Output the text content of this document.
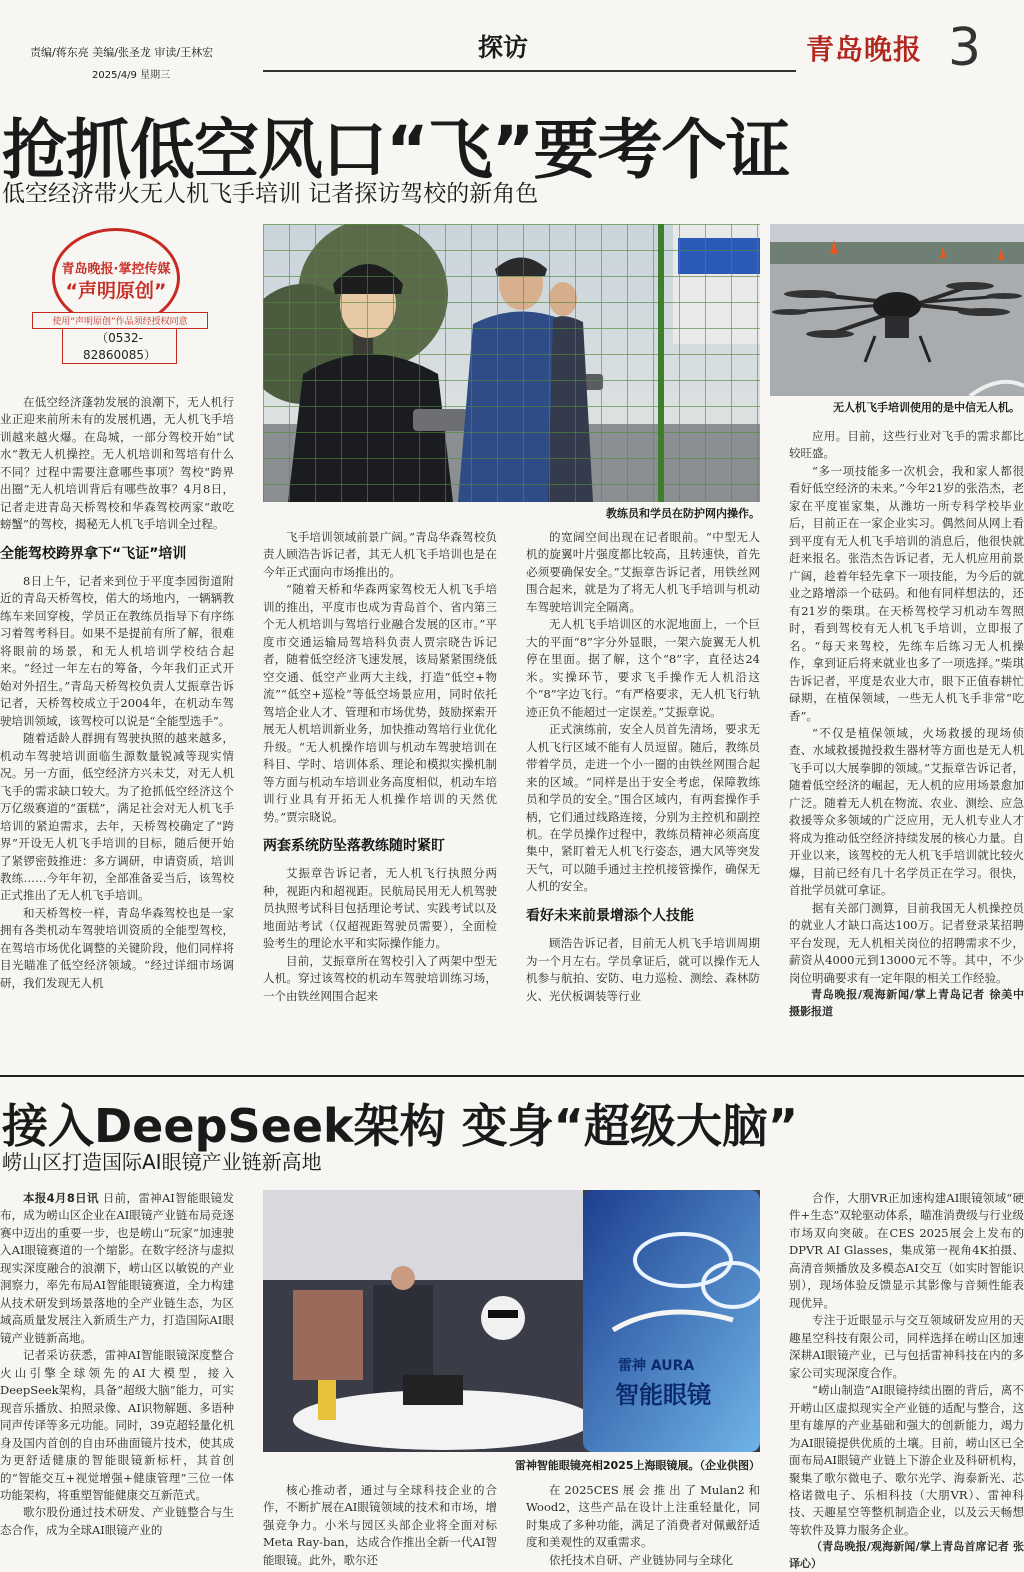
责编/蒋东亮 美编/张圣龙 审读/王林宏
2025/4/9 星期三
探访	青岛晚报 3
抢抓低空风口“飞”要考个证
低空经济带火无人机飞手培训 记者探访驾校的新角色
青岛晚报·掌控传媒
“声明原创”
使用“声明原创”作品须经授权同意
（0532-82860085）

在低空经济蓬勃发展的浪潮下，无人机行业正迎来前所未有的发展机遇，无人机飞手培训越来越火爆。在岛城，一部分驾校开始“试水”教无人机操控。无人机培训和驾培有什么不同？过程中需要注意哪些事项？驾校“跨界出圈”无人机培训背后有哪些故事？4月8日，记者走进青岛天桥驾校和华森驾校两家“敢吃螃蟹”的驾校，揭秘无人机飞手培训全过程。

全能驾校跨界拿下“飞证”培训

8日上午，记者来到位于平度李园街道附近的青岛天桥驾校，偌大的场地内，一辆辆教练车来回穿梭，学员正在教练员指导下有序练习着驾考科目。如果不是提前有所了解，很难将眼前的场景，和无人机培训学校结合起来。“经过一年左右的筹备，今年我们正式开始对外招生。”青岛天桥驾校负责人艾振章告诉记者，天桥驾校成立于2004年，在机动车驾驶培训领域，该驾校可以说是“全能型选手”。

随着适龄人群拥有驾驶执照的越来越多，机动车驾驶培训面临生源数量锐减等现实情况。另一方面，低空经济方兴未艾，对无人机飞手的需求缺口较大。为了抢抓低空经济这个万亿级赛道的“蛋糕”，满足社会对无人机飞手培训的紧迫需求，去年，天桥驾校确定了“跨界”开设无人机飞手培训的目标，随后便开始了紧锣密鼓推进：多方调研，申请资质，培训教练……今年年初，全部准备妥当后，该驾校正式推出了无人机飞手培训。

和天桥驾校一样，青岛华森驾校也是一家拥有各类机动车驾驶培训资质的全能型驾校，在驾培市场优化调整的关键阶段，他们同样将目光瞄准了低空经济领域。“经过详细市场调研，我们发现无人机

教练员和学员在防护网内操作。
无人机飞手培训使用的是中信无人机。

飞手培训领域前景广阔。”青岛华森驾校负责人顾浩告诉记者，其无人机飞手培训也是在今年正式面向市场推出的。

“随着天桥和华森两家驾校无人机飞手培训的推出，平度市也成为青岛首个、省内第三个无人机培训与驾培行业融合发展的区市。”平度市交通运输局驾培科负责人贾宗晓告诉记者，随着低空经济飞速发展，该局紧紧围绕低空交通、低空产业两大主线，打造“低空+物流”“低空+巡检”等低空场景应用，同时依托驾培企业人才、管理和市场优势，鼓励探索开展无人机培训新业务，加快推动驾培行业优化升级。“无人机操作培训与机动车驾驶培训在科目、学时、培训体系、理论和模拟实操机制等方面与机动车培训业务高度相似，机动车培训行业具有开拓无人机操作培训的天然优势。”贾宗晓说。

两套系统防坠落教练随时紧盯

艾振章告诉记者，无人机飞行执照分两种，视距内和超视距。民航局民用无人机驾驶员执照考试科目包括理论考试、实践考试以及地面站考试（仅超视距驾驶员需要），全面检验考生的理论水平和实际操作能力。

目前，艾振章所在驾校引入了两架中型无人机。穿过该驾校的机动车驾驶培训练习场，一个由铁丝网围合起来

的宽阔空间出现在记者眼前。“中型无人机的旋翼叶片强度都比较高，且转速快，首先必须要确保安全。”艾振章告诉记者，用铁丝网围合起来，就是为了将无人机飞手培训与机动车驾驶培训完全隔离。

无人机飞手培训区的水泥地面上，一个巨大的平面“8”字分外显眼，一架六旋翼无人机停在里面。据了解，这个“8”字，直径达24米。实操环节，要求飞手操作无人机沿这个“8”字边飞行。“有严格要求，无人机飞行轨迹正负不能超过一定误差。”艾振章说。

正式演练前，安全人员首先清场，要求无人机飞行区域不能有人员逗留。随后，教练员带着学员，走进一个小一圈的由铁丝网围合起来的区域。“同样是出于安全考虑，保障教练员和学员的安全。”围合区域内，有两套操作手柄，它们通过线路连接，分别为主控机和副控机。在学员操作过程中，教练员精神必须高度集中，紧盯着无人机飞行姿态，遇大风等突发天气，可以随手通过主控机接管操作，确保无人机的安全。

看好未来前景增添个人技能

顾浩告诉记者，目前无人机飞手培训周期为一个月左右。学员拿证后，就可以操作无人机参与航拍、安防、电力巡检、测绘、森林防火、光伏板调装等行业

应用。目前，这些行业对飞手的需求都比较旺盛。

“多一项技能多一次机会，我和家人都很看好低空经济的未来。”今年21岁的张浩杰，老家在平度崔家集，从潍坊一所专科学校毕业后，目前正在一家企业实习。偶然间从网上看到平度有无人机飞手培训的消息后，他很快就赶来报名。张浩杰告诉记者，无人机应用前景广阔，趁着年轻先拿下一项技能，为今后的就业之路增添一个砝码。和他有同样想法的，还有21岁的柴琪。在天桥驾校学习机动车驾照时，看到驾校有无人机飞手培训，立即报了名。“每天来驾校，先练车后练习无人机操作，拿到证后将来就业也多了一项选择。”柴琪告诉记者，平度是农业大市，眼下正值春耕忙碌期，在植保领域，一些无人机飞手非常“吃香”。

“不仅是植保领域，火场救援的现场侦查、水域救援抛投救生器材等方面也是无人机飞手可以大展拳脚的领域。”艾振章告诉记者，随着低空经济的崛起，无人机的应用场景愈加广泛。随着无人机在物流、农业、测绘、应急救援等众多领域的广泛应用，无人机专业人才将成为推动低空经济持续发展的核心力量。自开业以来，该驾校的无人机飞手培训就比较火爆，目前已经有几十名学员正在学习。很快，首批学员就可拿证。

据有关部门测算，目前我国无人机操控员的就业人才缺口高达100万。记者登录某招聘平台发现，无人机相关岗位的招聘需求不少，薪资从4000元到13000元不等。其中，不少岗位明确要求有一定年限的相关工作经验。

青岛晚报/观海新闻/掌上青岛记者 徐美中 摄影报道

接入DeepSeek架构 变身“超级大脑”
崂山区打造国际AI眼镜产业链新高地

本报4月8日讯 日前，雷神AI智能眼镜发布，成为崂山区企业在AI眼镜产业链布局竞逐赛中迈出的重要一步，也是崂山“玩家”加速驶入AI眼镜赛道的一个缩影。在数字经济与虚拟现实深度融合的浪潮下，崂山区以敏锐的产业洞察力，率先布局AI智能眼镜赛道，全力构建从技术研发到场景落地的全产业链生态，为区域高质量发展注入新质生产力，打造国际AI眼镜产业链新高地。

记者采访获悉，雷神AI智能眼镜深度整合火山引擎全球领先的AI大模型，接入DeepSeek架构，具备“超级大脑”能力，可实现音乐播放、拍照录像、AI识物解题、多语种同声传译等多元功能。同时，39克超轻量化机身及国内首创的自由环曲面镜片技术，使其成为更舒适健康的智能眼镜新标杆，其首创的“智能交互+视觉增强+健康管理”三位一体功能架构，将重塑智能健康交互新范式。

歌尔股份通过技术研发、产业链整合与生态合作，成为全球AI眼镜产业的

雷神 AURA
智能眼镜
雷神智能眼镜亮相2025上海眼镜展。（企业供图）

核心推动者，通过与全球科技企业的合作，不断扩展在AI眼镜领域的技术和市场，增强竞争力。小米与园区头部企业将全面对标Meta Ray-ban，达成合作推出全新一代AI智能眼镜。此外，歌尔还

在2025CES展会推出了Mulan2和Wood2，这些产品在设计上注重轻量化，同时集成了多种功能，满足了消费者对佩戴舒适度和美观性的双重需求。

依托技术自研、产业链协同与全球化

合作，大朋VR正加速构建AI眼镜领域“硬件+生态”双轮驱动体系，瞄准消费级与行业级市场双向突破。在CES 2025展会上发布的DPVR AI Glasses，集成第一视角4K拍摄、高清音频播放及多模态AI交互（如实时智能识别），现场体验反馈显示其影像与音频性能表现优异。

专注于近眼显示与交互领域研发应用的天趣星空科技有限公司，同样选择在崂山区加速深耕AI眼镜产业，已与包括雷神科技在内的多家公司实现深度合作。

“崂山制造”AI眼镜持续出圈的背后，离不开崂山区虚拟现实全产业链的适配与整合，这里有雄厚的产业基础和强大的创新能力，竭力为AI眼镜提供优质的土壤。目前，崂山区已全面布局AI眼镜产业链上下游企业及科研机构，聚集了歌尔微电子、歌尔光学、海泰新光、芯格诺微电子、乐相科技（大朋VR）、雷神科技、天趣星空等整机制造企业，以及云天畅想等软件及算力服务企业。

（青岛晚报/观海新闻/掌上青岛首席记者 张译心）
